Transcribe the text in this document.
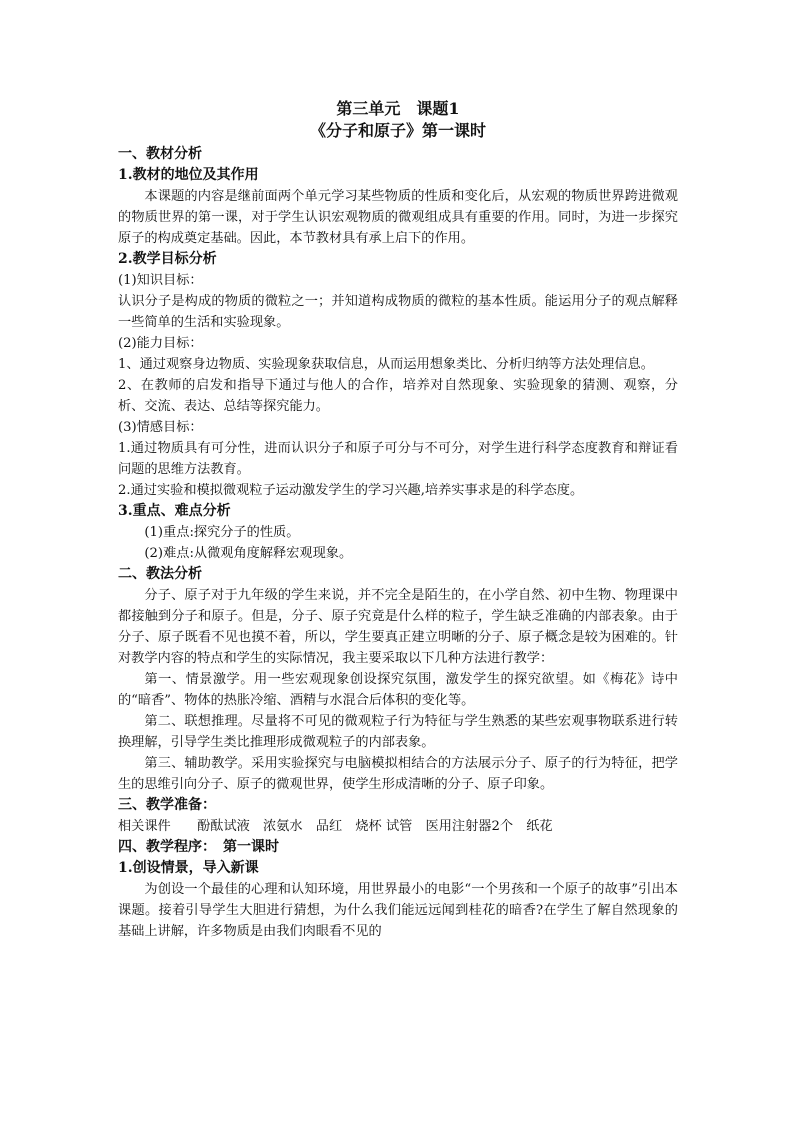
第三单元　课题1

《分子和原子》第一课时

一、教材分析

1.教材的地位及其作用

本课题的内容是继前面两个单元学习某些物质的性质和变化后，从宏观的物质世界跨进微观的物质世界的第一课，对于学生认识宏观物质的微观组成具有重要的作用。同时，为进一步探究原子的构成奠定基础。因此，本节教材具有承上启下的作用。

2.教学目标分析

(1)知识目标：

认识分子是构成的物质的微粒之一；并知道构成物质的微粒的基本性质。能运用分子的观点解释一些简单的生活和实验现象。

(2)能力目标：

1、通过观察身边物质、实验现象获取信息，从而运用想象类比、分析归纳等方法处理信息。

2、在教师的启发和指导下通过与他人的合作，培养对自然现象、实验现象的猜测、观察，分析、交流、表达、总结等探究能力。

(3)情感目标：

1.通过物质具有可分性，进而认识分子和原子可分与不可分，对学生进行科学态度教育和辩证看问题的思维方法教育。

2.通过实验和模拟微观粒子运动激发学生的学习兴趣,培养实事求是的科学态度。

3.重点、难点分析

(1)重点:探究分子的性质。

(2)难点:从微观角度解释宏观现象。

二、教法分析

分子、原子对于九年级的学生来说，并不完全是陌生的，在小学自然、初中生物、物理课中都接触到分子和原子。但是，分子、原子究竟是什么样的粒子，学生缺乏准确的内部表象。由于分子、原子既看不见也摸不着，所以，学生要真正建立明晰的分子、原子概念是较为困难的。针对教学内容的特点和学生的实际情况，我主要采取以下几种方法进行教学：

第一、情景激学。用一些宏观现象创设探究氛围，激发学生的探究欲望。如《梅花》诗中的“暗香”、物体的热胀冷缩、酒精与水混合后体积的变化等。

第二、联想推理。尽量将不可见的微观粒子行为特征与学生熟悉的某些宏观事物联系进行转换理解，引导学生类比推理形成微观粒子的内部表象。

第三、辅助教学。采用实验探究与电脑模拟相结合的方法展示分子、原子的行为特征，把学生的思维引向分子、原子的微观世界，使学生形成清晰的分子、原子印象。

三、教学准备：

相关课件　　酚酞试液　浓氨水　品红　烧杯 试管　医用注射器2个　纸花

四、教学程序：　第一课时

1.创设情景，导入新课

为创设一个最佳的心理和认知环境，用世界最小的电影“一个男孩和一个原子的故事”引出本课题。接着引导学生大胆进行猜想，为什么我们能远远闻到桂花的暗香?在学生了解自然现象的基础上讲解，许多物质是由我们肉眼看不见的
